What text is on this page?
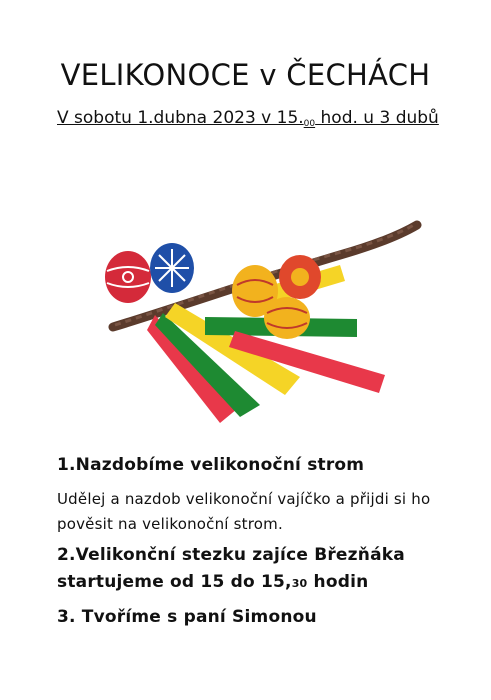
VELIKONOCE v ČECHÁCH

V sobotu 1.dubna 2023 v $15._{00}$ hod. u 3 dubů

1.Nazdobíme velikonoční strom

Udělej a nazdob velikonoční vajíčko a přijdi si ho pověsit na velikonoční strom.

2.Velikonční stezku zajíce Březňáka startujeme od 15 do 15,30 hodin

3. Tvoříme s paní Simonou
